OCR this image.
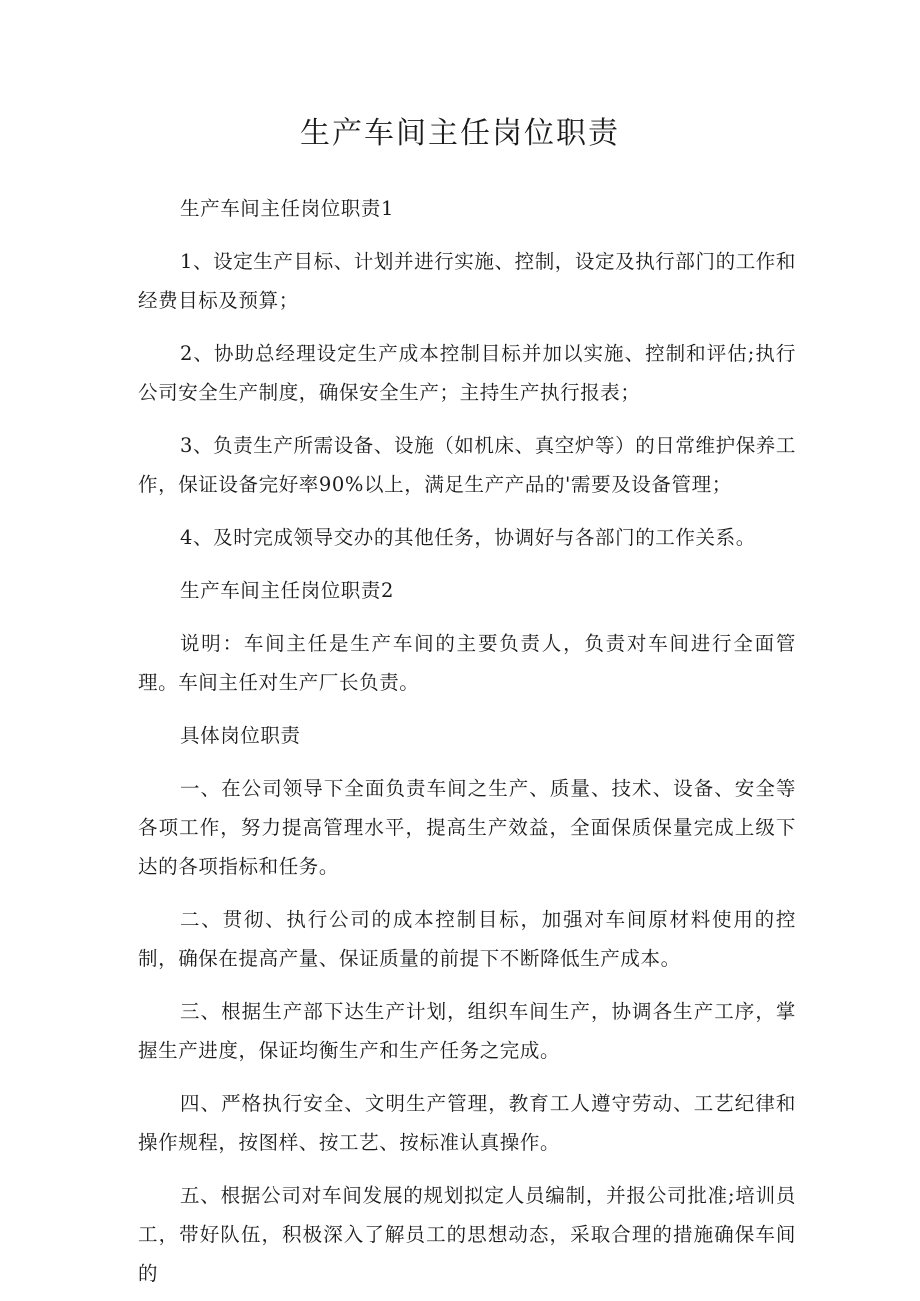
生产车间主任岗位职责

生产车间主任岗位职责1

1、设定生产目标、计划并进行实施、控制，设定及执行部门的工作和经费目标及预算；

2、协助总经理设定生产成本控制目标并加以实施、控制和评估;执行公司安全生产制度，确保安全生产；主持生产执行报表；

3、负责生产所需设备、设施（如机床、真空炉等）的日常维护保养工作，保证设备完好率90%以上，满足生产产品的'需要及设备管理；

4、及时完成领导交办的其他任务，协调好与各部门的工作关系。

生产车间主任岗位职责2

说明：车间主任是生产车间的主要负责人，负责对车间进行全面管理。车间主任对生产厂长负责。

具体岗位职责

一、在公司领导下全面负责车间之生产、质量、技术、设备、安全等各项工作，努力提高管理水平，提高生产效益，全面保质保量完成上级下达的各项指标和任务。

二、贯彻、执行公司的成本控制目标，加强对车间原材料使用的控制，确保在提高产量、保证质量的前提下不断降低生产成本。

三、根据生产部下达生产计划，组织车间生产，协调各生产工序，掌握生产进度，保证均衡生产和生产任务之完成。

四、严格执行安全、文明生产管理，教育工人遵守劳动、工艺纪律和操作规程，按图样、按工艺、按标准认真操作。

五、根据公司对车间发展的规划拟定人员编制，并报公司批准;培训员工，带好队伍，积极深入了解员工的思想动态，采取合理的措施确保车间的
